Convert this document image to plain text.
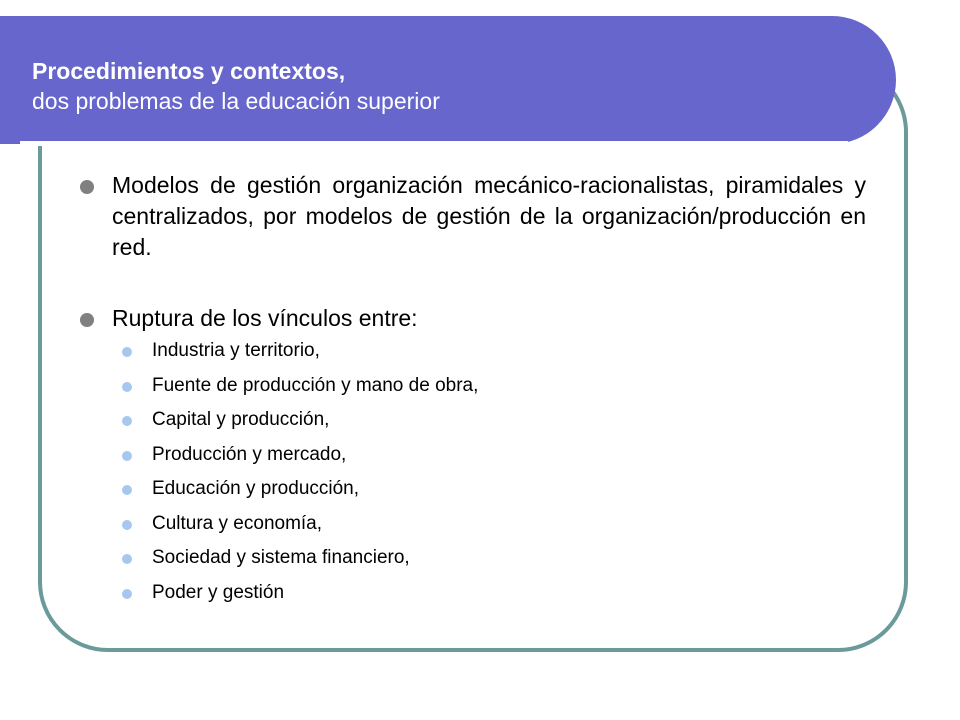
Procedimientos y contextos,
dos problemas de la educación superior
Modelos de gestión organización mecánico-racionalistas, piramidales y centralizados, por modelos de gestión de la organización/producción en red.
Ruptura de los vínculos entre:
Industria y territorio,
Fuente de producción y mano de obra,
Capital y producción,
Producción y mercado,
Educación y producción,
Cultura y economía,
Sociedad y sistema financiero,
Poder y gestión
